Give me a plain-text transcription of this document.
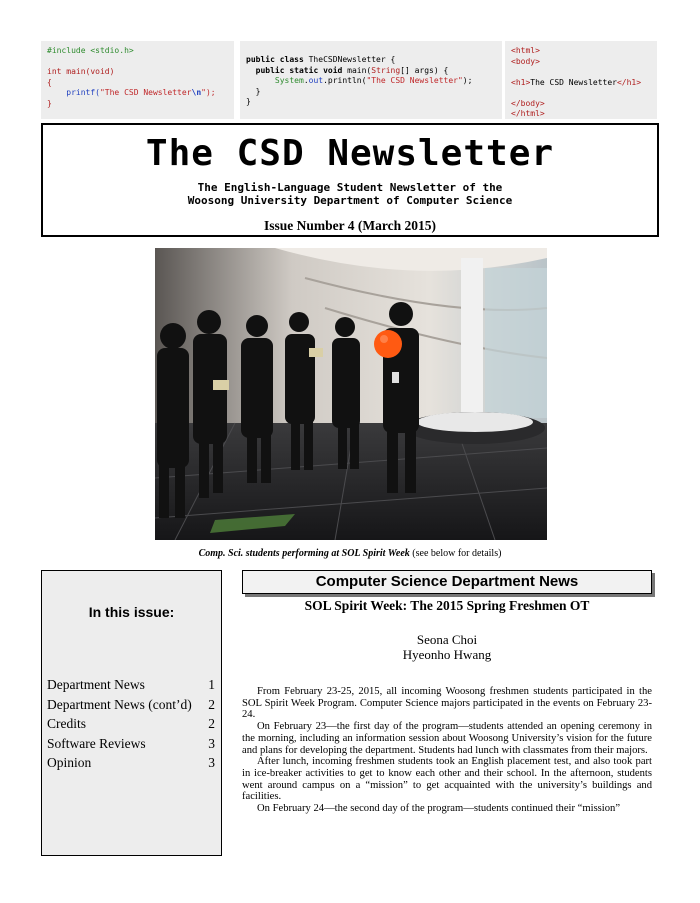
#include <stdio.h>

int main(void)
{
printf("The CSD Newsletter\n");
}
public class TheCSDNewsletter {
public static void main(String[] args) {
System.out.println("The CSD Newsletter");
}
}
<html>
<body>

<h1>The CSD Newsletter</h1>

</body>
</html>
The CSD Newsletter
The English-Language Student Newsletter of the
Woosong University Department of Computer Science
Issue Number 4 (March 2015)
Comp. Sci. students performing at SOL Spirit Week (see below for details)
In this issue:
Department News	1
Department News (cont’d) 2
Credits	2
Software Reviews	3
Opinion	3
Computer Science Department News
SOL Spirit Week: The 2015 Spring Freshmen OT
Seona Choi
Hyeonho Hwang

From February 23-25, 2015, all incoming Woosong freshmen students participated in the SOL Spirit Week Program. Computer Science majors participated in the events on February 23-24.

On February 23—the first day of the program—students attended an opening ceremony in the morning, including an information session about Woosong University’s vision for the future and plans for developing the department. Students had lunch with classmates from their majors.

After lunch, incoming freshmen students took an English placement test, and also took part in ice-breaker activities to get to know each other and their school. In the afternoon, students went around campus on a “mission” to get acquainted with the university’s buildings and facilities.

On February 24—the second day of the program—students continued their “mission”
